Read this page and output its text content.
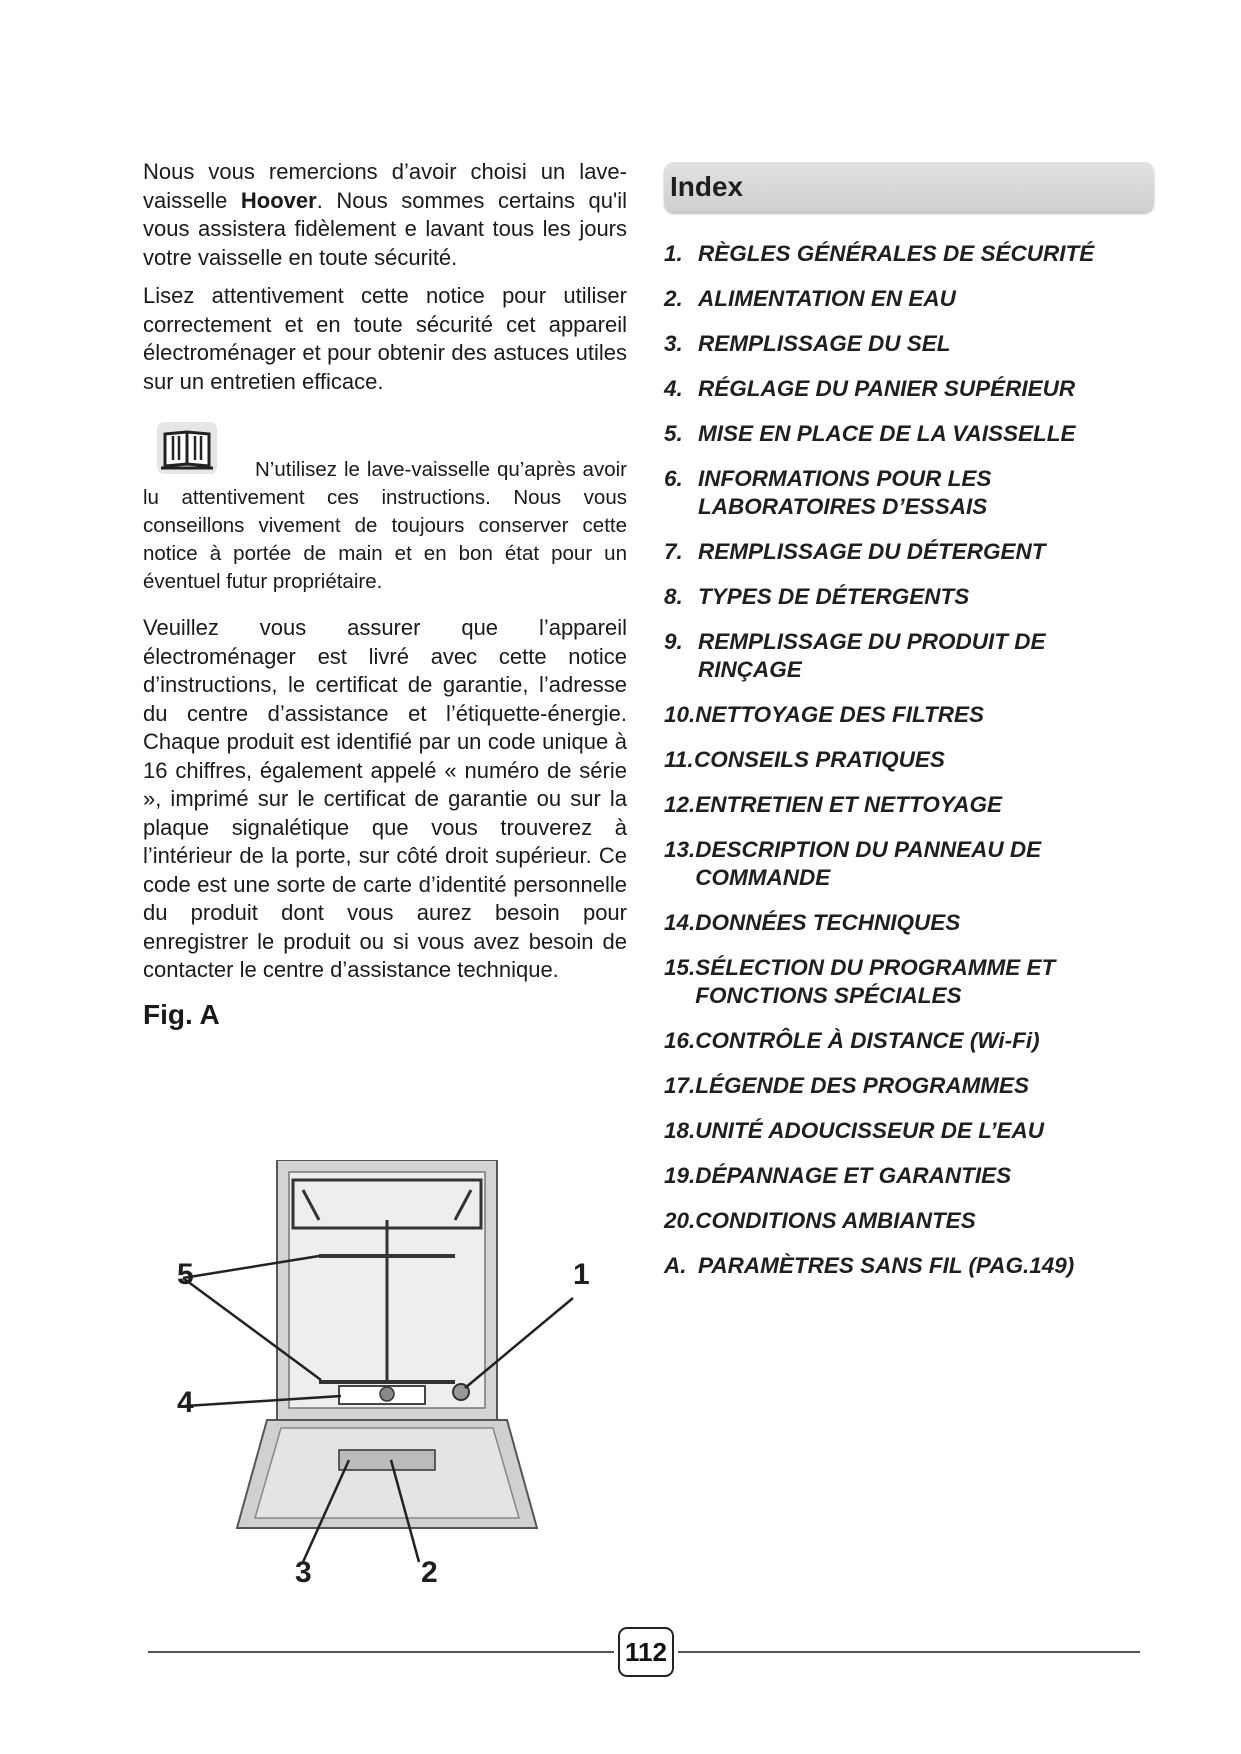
Nous vous remercions d’avoir choisi un lave-vaisselle Hoover. Nous sommes certains qu'il vous assistera fidèlement e lavant tous les jours votre vaisselle en toute sécurité.

Lisez attentivement cette notice pour utiliser correctement et en toute sécurité cet appareil électroménager et pour obtenir des astuces utiles sur un entretien efficace.

N’utilisez le lave-vaisselle qu’après avoir lu attentivement ces instructions. Nous vous conseillons vivement de toujours conserver cette notice à portée de main et en bon état pour un éventuel futur propriétaire.

Veuillez vous assurer que l’appareil électroménager est livré avec cette notice d’instructions, le certificat de garantie, l’adresse du centre d’assistance et l’étiquette-énergie. Chaque produit est identifié par un code unique à 16 chiffres, également appelé « numéro de série », imprimé sur le certificat de garantie ou sur la plaque signalétique que vous trouverez à l’intérieur de la porte, sur côté droit supérieur. Ce code est une sorte de carte d’identité personnelle du produit dont vous aurez besoin pour enregistrer le produit ou si vous avez besoin de contacter le centre d’assistance technique.

Fig. A
5	1
4
3	2
Index
1. RÈGLES GÉNÉRALES DE SÉCURITÉ
2. ALIMENTATION EN EAU
3. REMPLISSAGE DU SEL
4. RÉGLAGE DU PANIER SUPÉRIEUR
5. MISE EN PLACE DE LA VAISSELLE
6. INFORMATIONS POUR LES LABORATOIRES D’ESSAIS
7. REMPLISSAGE DU DÉTERGENT
8. TYPES DE DÉTERGENTS
9. REMPLISSAGE DU PRODUIT DE RINÇAGE
10. NETTOYAGE DES FILTRES
11. CONSEILS PRATIQUES
12. ENTRETIEN ET NETTOYAGE
13. DESCRIPTION DU PANNEAU DE COMMANDE
14. DONNÉES TECHNIQUES
15. SÉLECTION DU PROGRAMME ET FONCTIONS SPÉCIALES
16. CONTRÔLE À DISTANCE (Wi-Fi)
17. LÉGENDE DES PROGRAMMES
18. UNITÉ ADOUCISSEUR DE L’EAU
19. DÉPANNAGE ET GARANTIES
20. CONDITIONS AMBIANTES
A. PARAMÈTRES SANS FIL (PAG.149)
112
